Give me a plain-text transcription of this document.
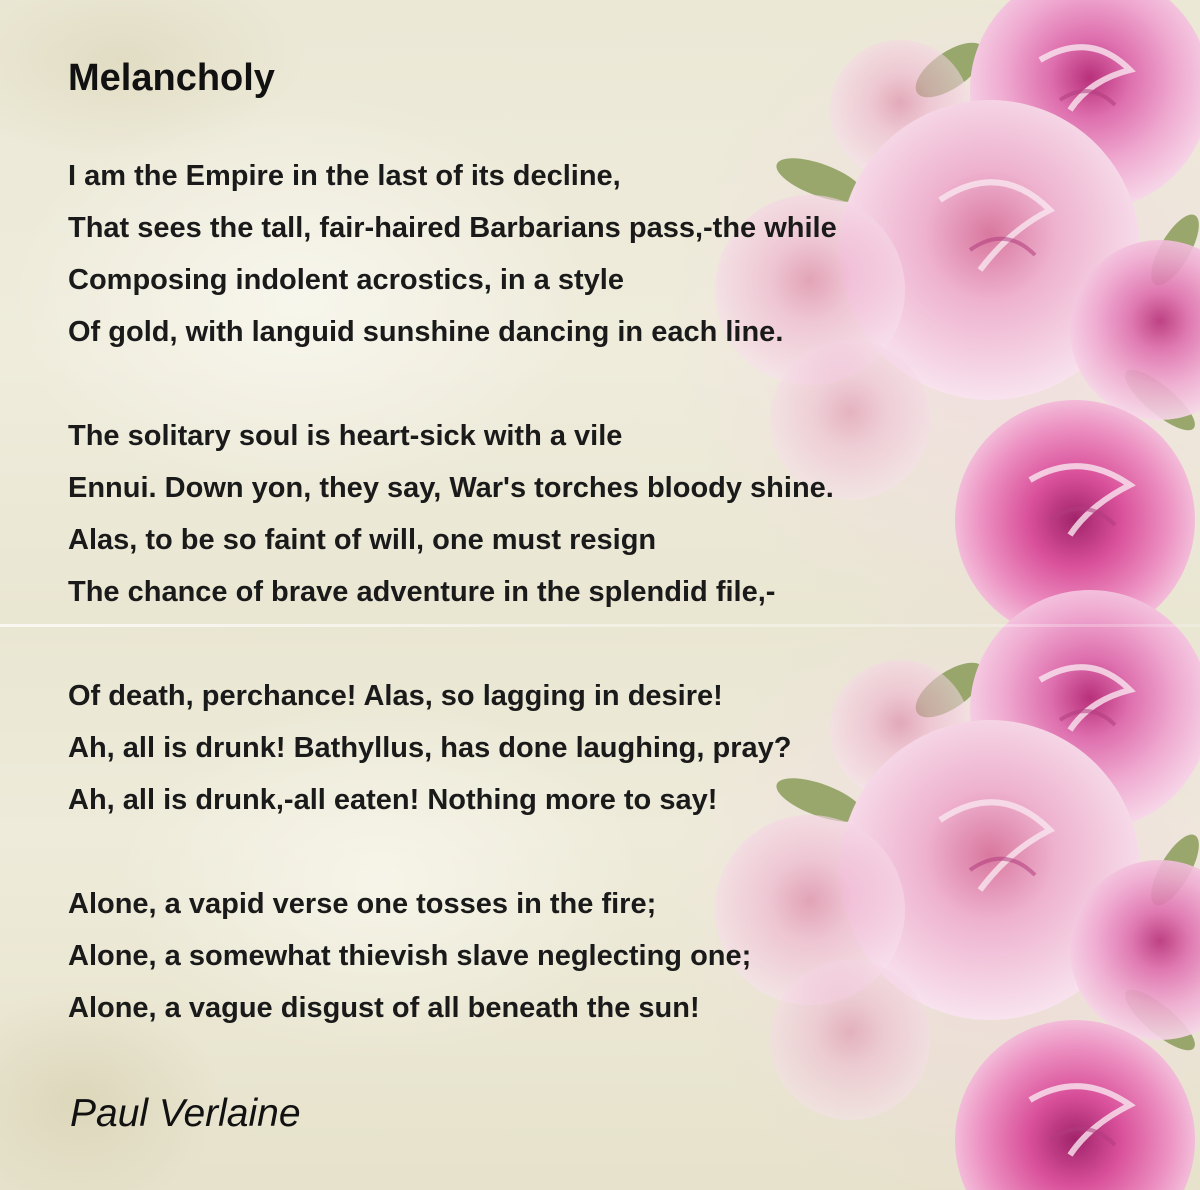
Melancholy
I am the Empire in the last of its decline,
That sees the tall, fair-haired Barbarians pass,-the while
Composing indolent acrostics, in a style
Of gold, with languid sunshine dancing in each line.
The solitary soul is heart-sick with a vile
Ennui. Down yon, they say, War's torches bloody shine.
Alas, to be so faint of will, one must resign
The chance of brave adventure in the splendid file,-
Of death, perchance! Alas, so lagging in desire!
Ah, all is drunk! Bathyllus, has done laughing, pray?
Ah, all is drunk,-all eaten! Nothing more to say!
Alone, a vapid verse one tosses in the fire;
Alone, a somewhat thievish slave neglecting one;
Alone, a vague disgust of all beneath the sun!

Paul Verlaine
